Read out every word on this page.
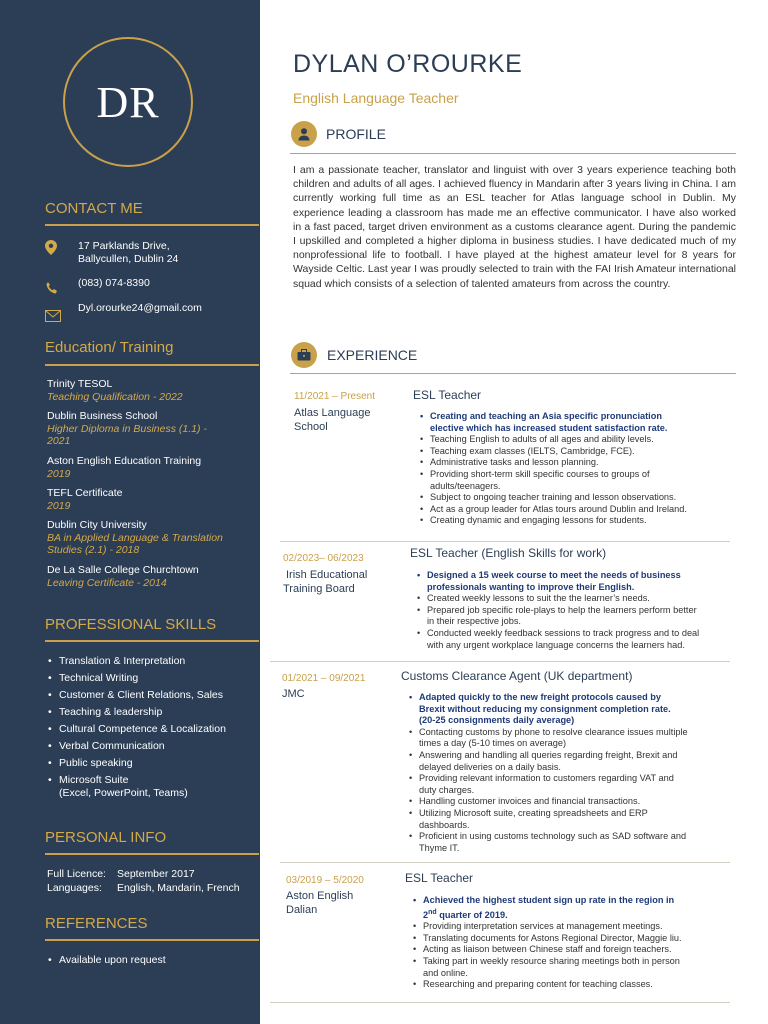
DR
CONTACT ME
17 Parklands Drive,
Ballycullen, Dublin 24
(083) 074-8390
Dyl.orourke24@gmail.com
Education/ Training
Trinity TESOL
Teaching Qualification - 2022
Dublin Business School
Higher Diploma in Business (1.1) -
2021
Aston English Education Training
2019
TEFL Certificate
2019
Dublin City University
BA in Applied Language & Translation
Studies (2.1) - 2018
De La Salle College Churchtown
Leaving Certificate - 2014
PROFESSIONAL SKILLS
• Translation & Interpretation
• Technical Writing
• Customer & Client Relations, Sales
• Teaching & leadership
• Cultural Competence & Localization
• Verbal Communication
• Public speaking
• Microsoft Suite
(Excel, PowerPoint, Teams)
PERSONAL INFO
Full Licence: September 2017
Languages: English, Mandarin, French
REFERENCES
• Available upon request
DYLAN O’ROURKE
English Language Teacher
PROFILE
I am a passionate teacher, translator and linguist with over 3 years experience teaching both children and adults of all ages. I achieved fluency in Mandarin after 3 years living in China. I am currently working full time as an ESL teacher for Atlas language school in Dublin. My experience leading a classroom has made me an effective communicator. I have also worked in a fast paced, target driven environment as a customs clearance agent. During the pandemic I upskilled and completed a higher diploma in business studies. I have dedicated much of my nonprofessional life to football. I have played at the highest amateur level for 8 years for Wayside Celtic. Last year I was proudly selected to train with the FAI Irish Amateur international squad which consists of a selection of talented amateurs from across the country.
EXPERIENCE
11/2021 – Present
Atlas Language
School
ESL Teacher
• Creating and teaching an Asia specific pronunciation
elective which has increased student satisfaction rate.
• Teaching English to adults of all ages and ability levels.
• Teaching exam classes (IELTS, Cambridge, FCE).
• Administrative tasks and lesson planning.
• Providing short-term skill specific courses to groups of
adults/teenagers.
• Subject to ongoing teacher training and lesson observations.
• Act as a group leader for Atlas tours around Dublin and Ireland.
• Creating dynamic and engaging lessons for students.
02/2023– 06/2023
Irish Educational
Training Board
ESL Teacher (English Skills for work)
• Designed a 15 week course to meet the needs of business
professionals wanting to improve their English.
• Created weekly lessons to suit the the learner’s needs.
• Prepared job specific role-plays to help the learners perform better
in their respective jobs.
• Conducted weekly feedback sessions to track progress and to deal
with any urgent workplace language concerns the learners had.
01/2021 – 09/2021
JMC
Customs Clearance Agent (UK department)
• Adapted quickly to the new freight protocols caused by
Brexit without reducing my consignment completion rate.
(20-25 consignments daily average)
• Contacting customs by phone to resolve clearance issues multiple
times a day (5-10 times on average)
• Answering and handling all queries regarding freight, Brexit and
delayed deliveries on a daily basis.
• Providing relevant information to customers regarding VAT and
duty charges.
• Handling customer invoices and financial transactions.
• Utilizing Microsoft suite, creating spreadsheets and ERP
dashboards.
• Proficient in using customs technology such as SAD software and
Thyme IT.
03/2019 – 5/2020
Aston English
Dalian
ESL Teacher
• Achieved the highest student sign up rate in the region in
2nd quarter of 2019.
• Providing interpretation services at management meetings.
• Translating documents for Astons Regional Director, Maggie liu.
• Acting as liaison between Chinese staff and foreign teachers.
• Taking part in weekly resource sharing meetings both in person
and online.
• Researching and preparing content for teaching classes.
